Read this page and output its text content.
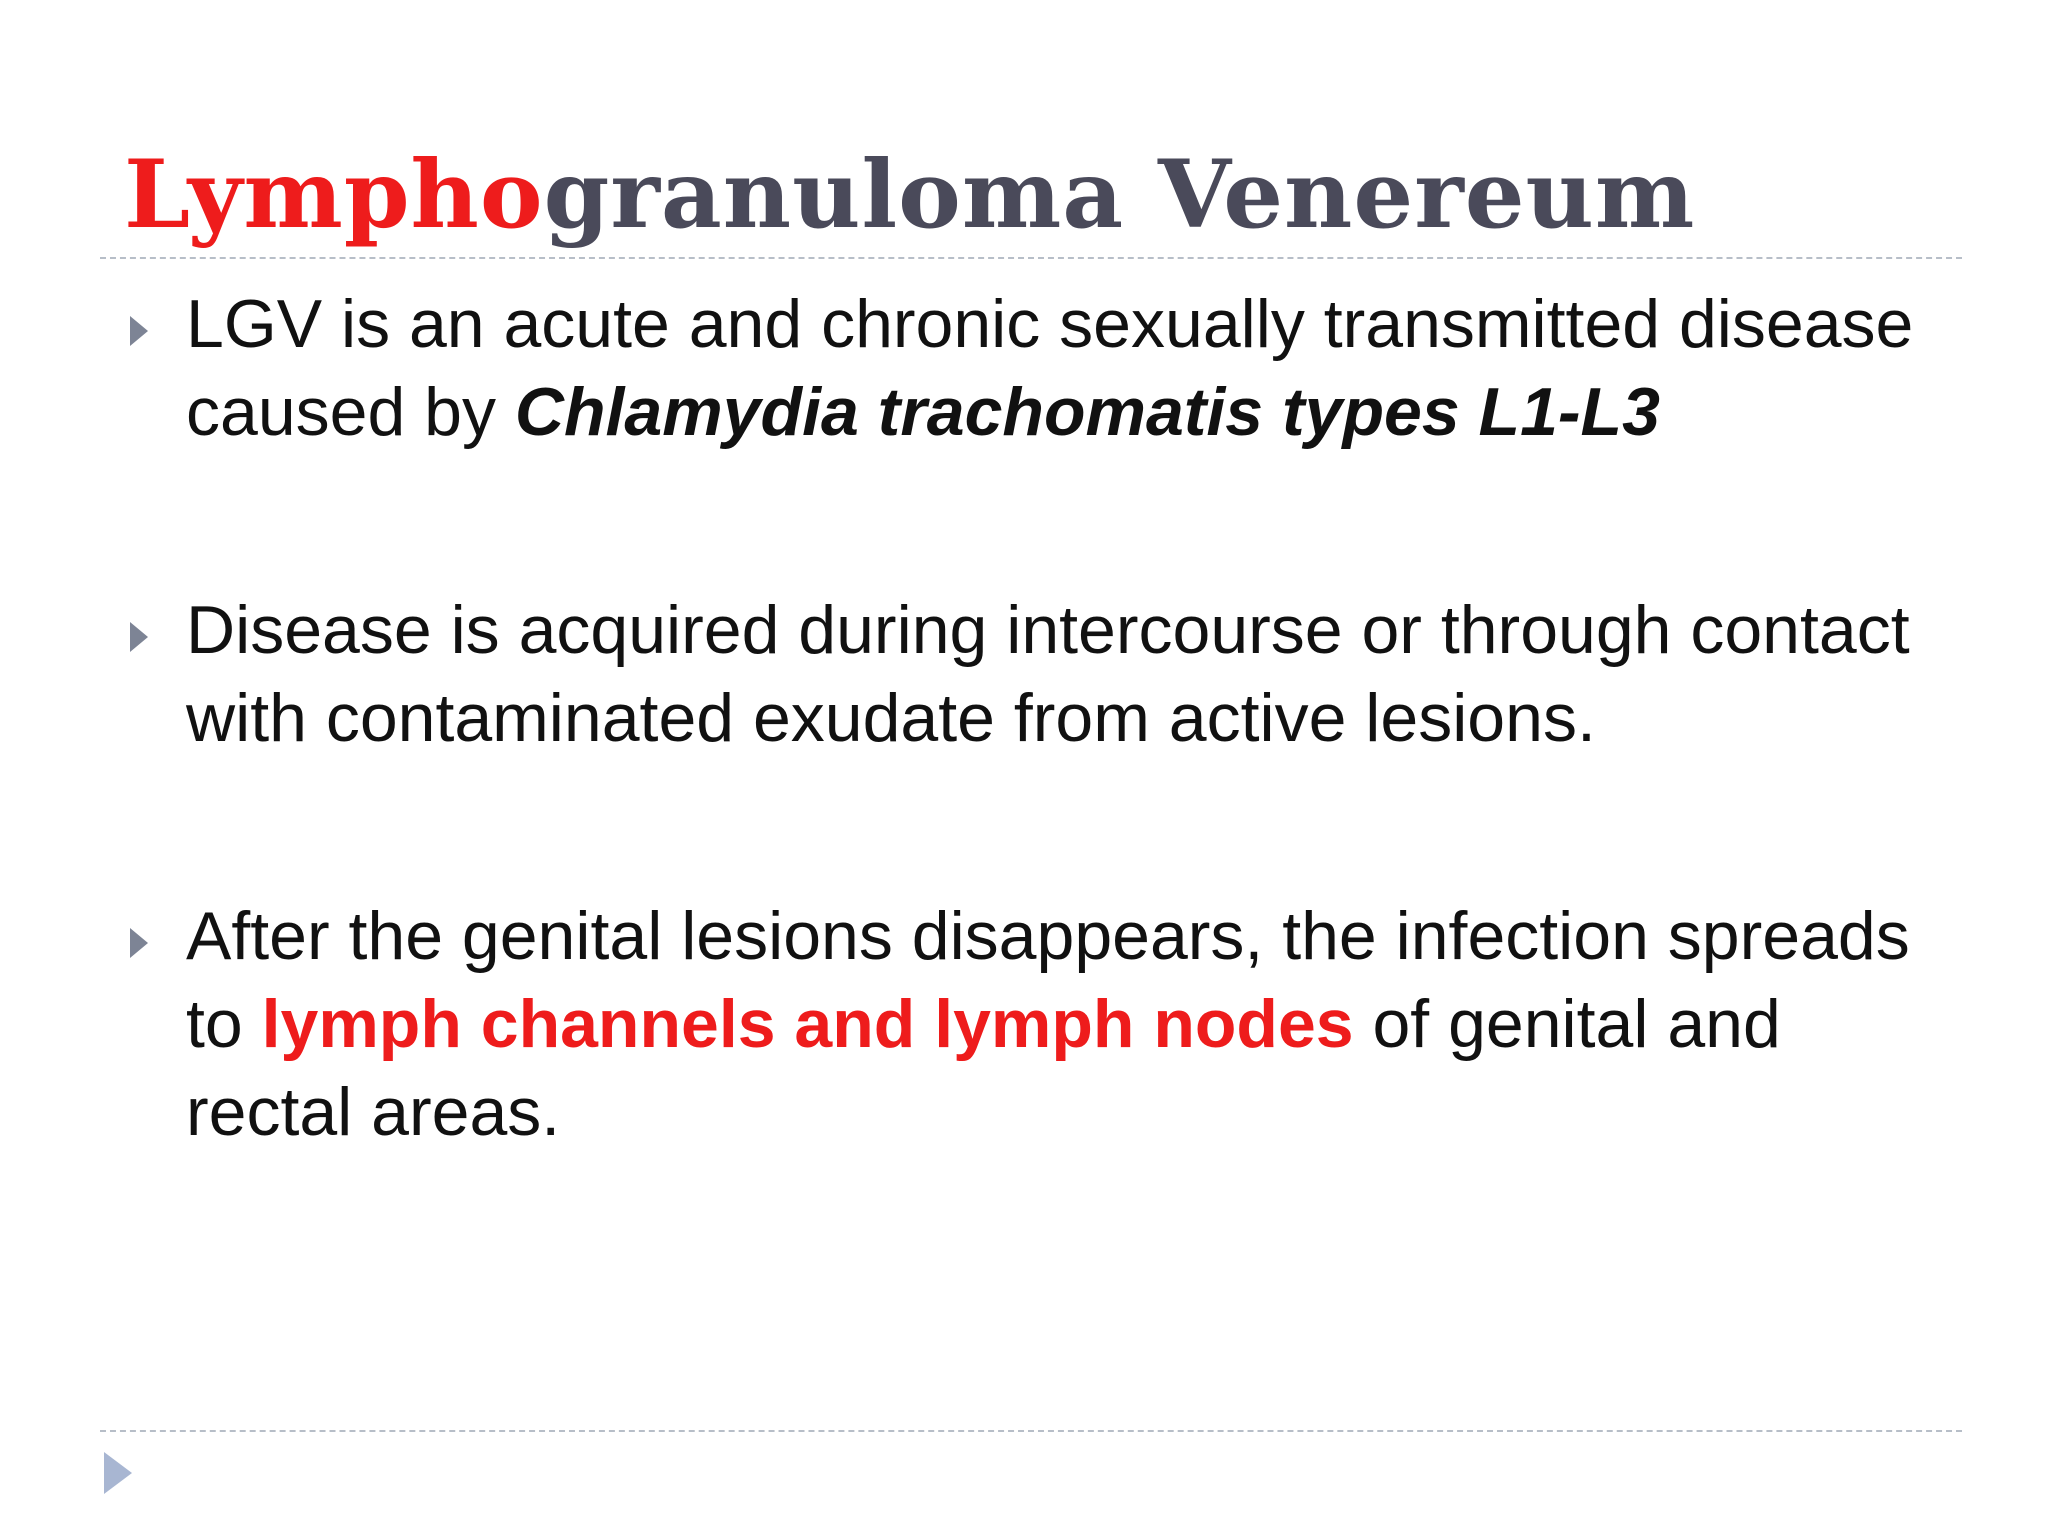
Lymphogranuloma Venereum
LGV is an acute and chronic sexually transmitted disease caused by Chlamydia trachomatis types L1-L3
Disease is acquired during intercourse or through contact with contaminated exudate from active lesions.
After the genital lesions disappears, the infection spreads to lymph channels and lymph nodes of genital and rectal areas.
